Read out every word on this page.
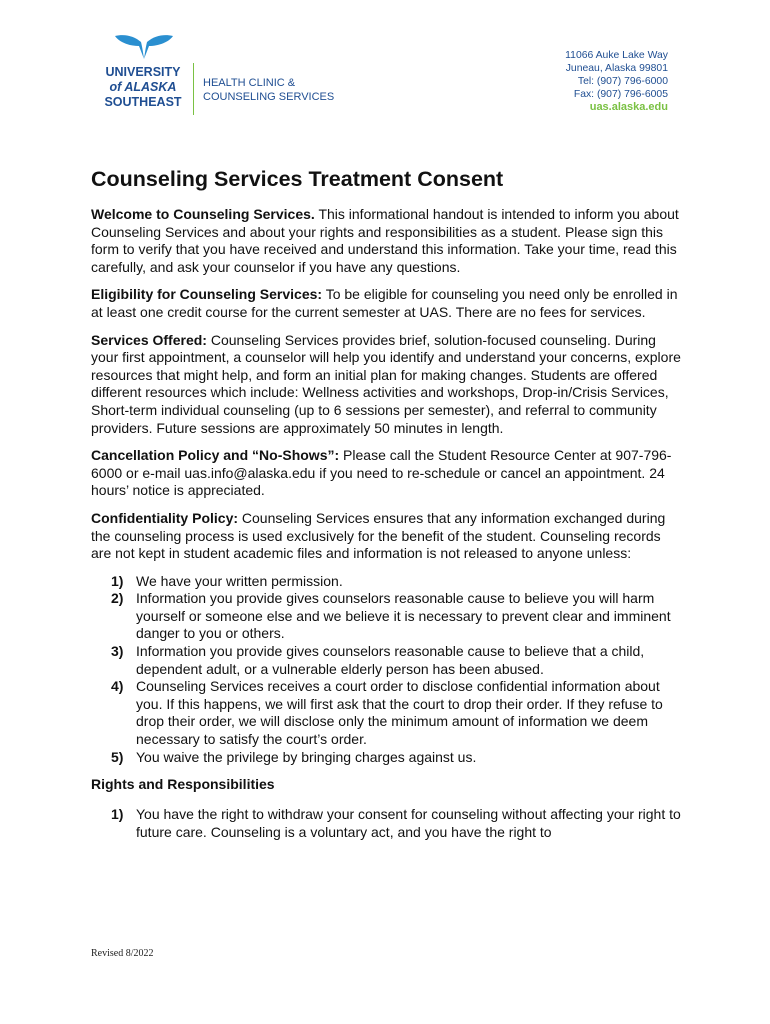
UNIVERSITY
of ALASKA
SOUTHEAST
HEALTH CLINIC &
COUNSELING SERVICES
11066 Auke Lake Way
Juneau, Alaska 99801
Tel: (907) 796-6000
Fax: (907) 796-6005
uas.alaska.edu
Counseling Services Treatment Consent

Welcome to Counseling Services. This informational handout is intended to inform you about Counseling Services and about your rights and responsibilities as a student. Please sign this form to verify that you have received and understand this information. Take your time, read this carefully, and ask your counselor if you have any questions.

Eligibility for Counseling Services: To be eligible for counseling you need only be enrolled in at least one credit course for the current semester at UAS. There are no fees for services.

Services Offered: Counseling Services provides brief, solution-focused counseling. During your first appointment, a counselor will help you identify and understand your concerns, explore resources that might help, and form an initial plan for making changes. Students are offered different resources which include: Wellness activities and workshops, Drop-in/Crisis Services, Short-term individual counseling (up to 6 sessions per semester), and referral to community providers. Future sessions are approximately 50 minutes in length.

Cancellation Policy and “No-Shows”: Please call the Student Resource Center at 907-796-6000 or e-mail uas.info@alaska.edu if you need to re-schedule or cancel an appointment. 24 hours’ notice is appreciated.

Confidentiality Policy: Counseling Services ensures that any information exchanged during the counseling process is used exclusively for the benefit of the student. Counseling records are not kept in student academic files and information is not released to anyone unless:

1) We have your written permission.
2) Information you provide gives counselors reasonable cause to believe you will harm yourself or someone else and we believe it is necessary to prevent clear and imminent danger to you or others.
3) Information you provide gives counselors reasonable cause to believe that a child, dependent adult, or a vulnerable elderly person has been abused.
4) Counseling Services receives a court order to disclose confidential information about you. If this happens, we will first ask that the court to drop their order. If they refuse to drop their order, we will disclose only the minimum amount of information we deem necessary to satisfy the court’s order.
5) You waive the privilege by bringing charges against us.
Rights and Responsibilities
1) You have the right to withdraw your consent for counseling without affecting your right to future care. Counseling is a voluntary act, and you have the right to
Revised 8/2022
